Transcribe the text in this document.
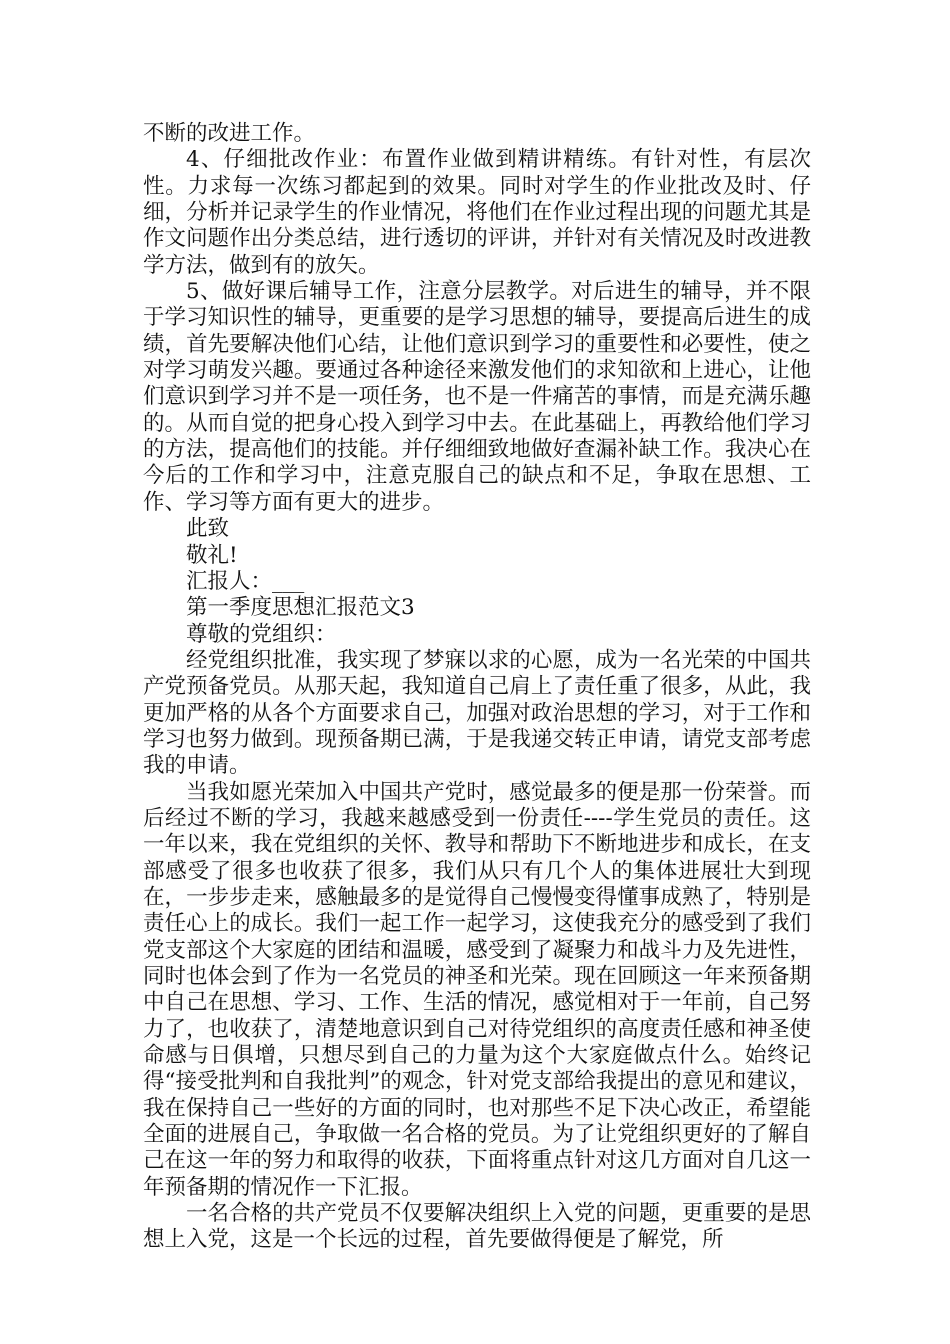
不断的改进工作。

4、仔细批改作业：布置作业做到精讲精练。有针对性，有层次性。力求每一次练习都起到的效果。同时对学生的作业批改及时、仔细，分析并记录学生的作业情况，将他们在作业过程出现的问题尤其是作文问题作出分类总结，进行透切的评讲，并针对有关情况及时改进教学方法，做到有的放矢。

5、做好课后辅导工作，注意分层教学。对后进生的辅导，并不限于学习知识性的辅导，更重要的是学习思想的辅导，要提高后进生的成绩，首先要解决他们心结，让他们意识到学习的重要性和必要性，使之对学习萌发兴趣。要通过各种途径来激发他们的求知欲和上进心，让他们意识到学习并不是一项任务，也不是一件痛苦的事情，而是充满乐趣的。从而自觉的把身心投入到学习中去。在此基础上，再教给他们学习的方法，提高他们的技能。并仔细细致地做好查漏补缺工作。我决心在今后的工作和学习中，注意克服自己的缺点和不足，争取在思想、工作、学习等方面有更大的进步。

此致

敬礼!

汇报人：___

第一季度思想汇报范文3

尊敬的党组织：

经党组织批准，我实现了梦寐以求的心愿，成为一名光荣的中国共产党预备党员。从那天起，我知道自己肩上了责任重了很多，从此，我更加严格的从各个方面要求自己，加强对政治思想的学习，对于工作和学习也努力做到。现预备期已满，于是我递交转正申请，请党支部考虑我的申请。

当我如愿光荣加入中国共产党时，感觉最多的便是那一份荣誉。而后经过不断的学习，我越来越感受到一份责任----学生党员的责任。这一年以来，我在党组织的关怀、教导和帮助下不断地进步和成长，在支部感受了很多也收获了很多，我们从只有几个人的集体进展壮大到现在，一步步走来，感触最多的是觉得自己慢慢变得懂事成熟了，特别是责任心上的成长。我们一起工作一起学习，这使我充分的感受到了我们党支部这个大家庭的团结和温暖，感受到了凝聚力和战斗力及先进性，同时也体会到了作为一名党员的神圣和光荣。现在回顾这一年来预备期中自己在思想、学习、工作、生活的情况，感觉相对于一年前，自己努力了，也收获了，清楚地意识到自己对待党组织的高度责任感和神圣使命感与日俱增，只想尽到自己的力量为这个大家庭做点什么。始终记得“接受批判和自我批判”的观念，针对党支部给我提出的意见和建议，我在保持自己一些好的方面的同时，也对那些不足下决心改正，希望能全面的进展自己，争取做一名合格的党员。为了让党组织更好的了解自己在这一年的努力和取得的收获，下面将重点针对这几方面对自几这一年预备期的情况作一下汇报。

一名合格的共产党员不仅要解决组织上入党的问题，更重要的是思想上入党，这是一个长远的过程，首先要做得便是了解党，所
